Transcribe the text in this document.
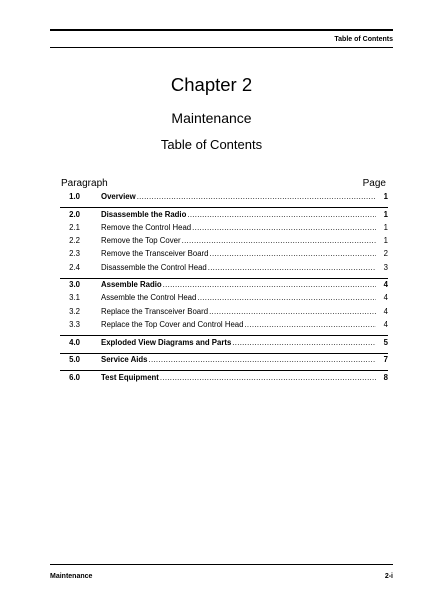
Table of Contents
Chapter 2
Maintenance
Table of Contents
Paragraph	Page
1.0	Overview .....	1
2.0	Disassemble the Radio .....	1
2.1	Remove the Control Head .....	1
2.2	Remove the Top Cover .....	1
2.3	Remove the Transceiver Board .....	2
2.4	Disassemble the Control Head .....	3
3.0	Assemble Radio .....	4
3.1	Assemble the Control Head .....	4
3.2	Replace the Transceiver Board .....	4
3.3	Replace the Top Cover and Control Head .....	4
4.0	Exploded View Diagrams and Parts .....	5
5.0	Service Aids .....	7
6.0	Test Equipment .....	8
Maintenance	2-i
